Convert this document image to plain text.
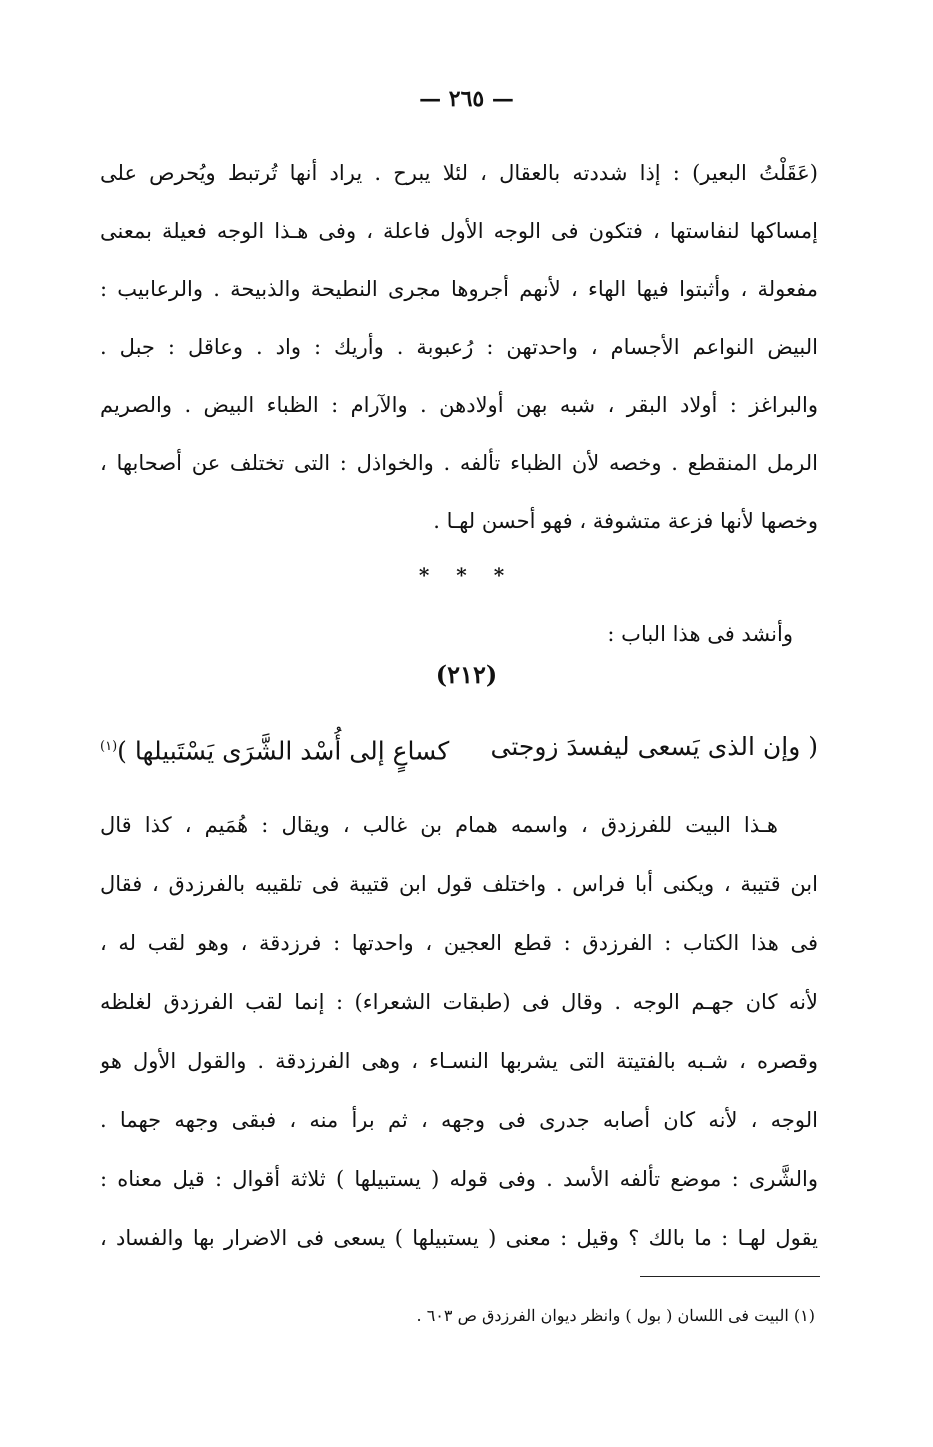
— ٢٦٥ —
(عَقَلْتُ البعير) : إذا شددته بالعقال ، لئلا يبرح . يراد أنها تُرتبط ويُحرص على
إمساكها لنفاستها ، فتكون فى الوجه الأول فاعلة ، وفى هـذا الوجه فعيلة بمعنى
مفعولة ، وأثبتوا فيها الهاء ، لأنهم أجروها مجرى النطيحة والذبيحة . والرعابيب :
البيض النواعم الأجسام ، واحدتهن : رُعبوبة . وأريك : واد . وعاقل : جبل .
والبراغز : أولاد البقر ، شبه بهن أولادهن . والآرام : الظباء البيض . والصريم
الرمل المنقطع . وخصه لأن الظباء تألفه . والخواذل : التى تختلف عن أصحابها ،
وخصها لأنها فزعة متشوفة ، فهو أحسن لهـا .
* * *
وأنشد فى هذا الباب :
(٢١٢)
( وإن الذى يَسعى ليفسدَ زوجتى
كساعٍ إلى أُسْد الشَّرَى يَسْتَبيلها )$^{(١)}$
هـذا البيت للفرزدق ، واسمه همام بن غالب ، ويقال : هُمَيم ، كذا قال
ابن قتيبة ، ويكنى أبا فراس . واختلف قول ابن قتيبة فى تلقيبه بالفرزدق ، فقال
فى هذا الكتاب : الفرزدق : قطع العجين ، واحدتها : فرزدقة ، وهو لقب له ،
لأنه كان جهـم الوجه . وقال فى (طبقات الشعراء) : إنما لقب الفرزدق لغلظه
وقصره ، شـبه بالفتيتة التى يشربها النسـاء ، وهى الفرزدقة . والقول الأول هو
الوجه ، لأنه كان أصابه جدرى فى وجهه ، ثم برأ منه ، فبقى وجهه جهما .
والشَّرى : موضع تألفه الأسد . وفى قوله ( يستبيلها ) ثلاثة أقوال : قيل معناه :
يقول لهـا : ما بالك ؟ وقيل : معنى ( يستبيلها ) يسعى فى الاضرار بها والفساد ،
(١) البيت فى اللسان ( بول ) وانظر ديوان الفرزدق ص ٦٠٣ .
